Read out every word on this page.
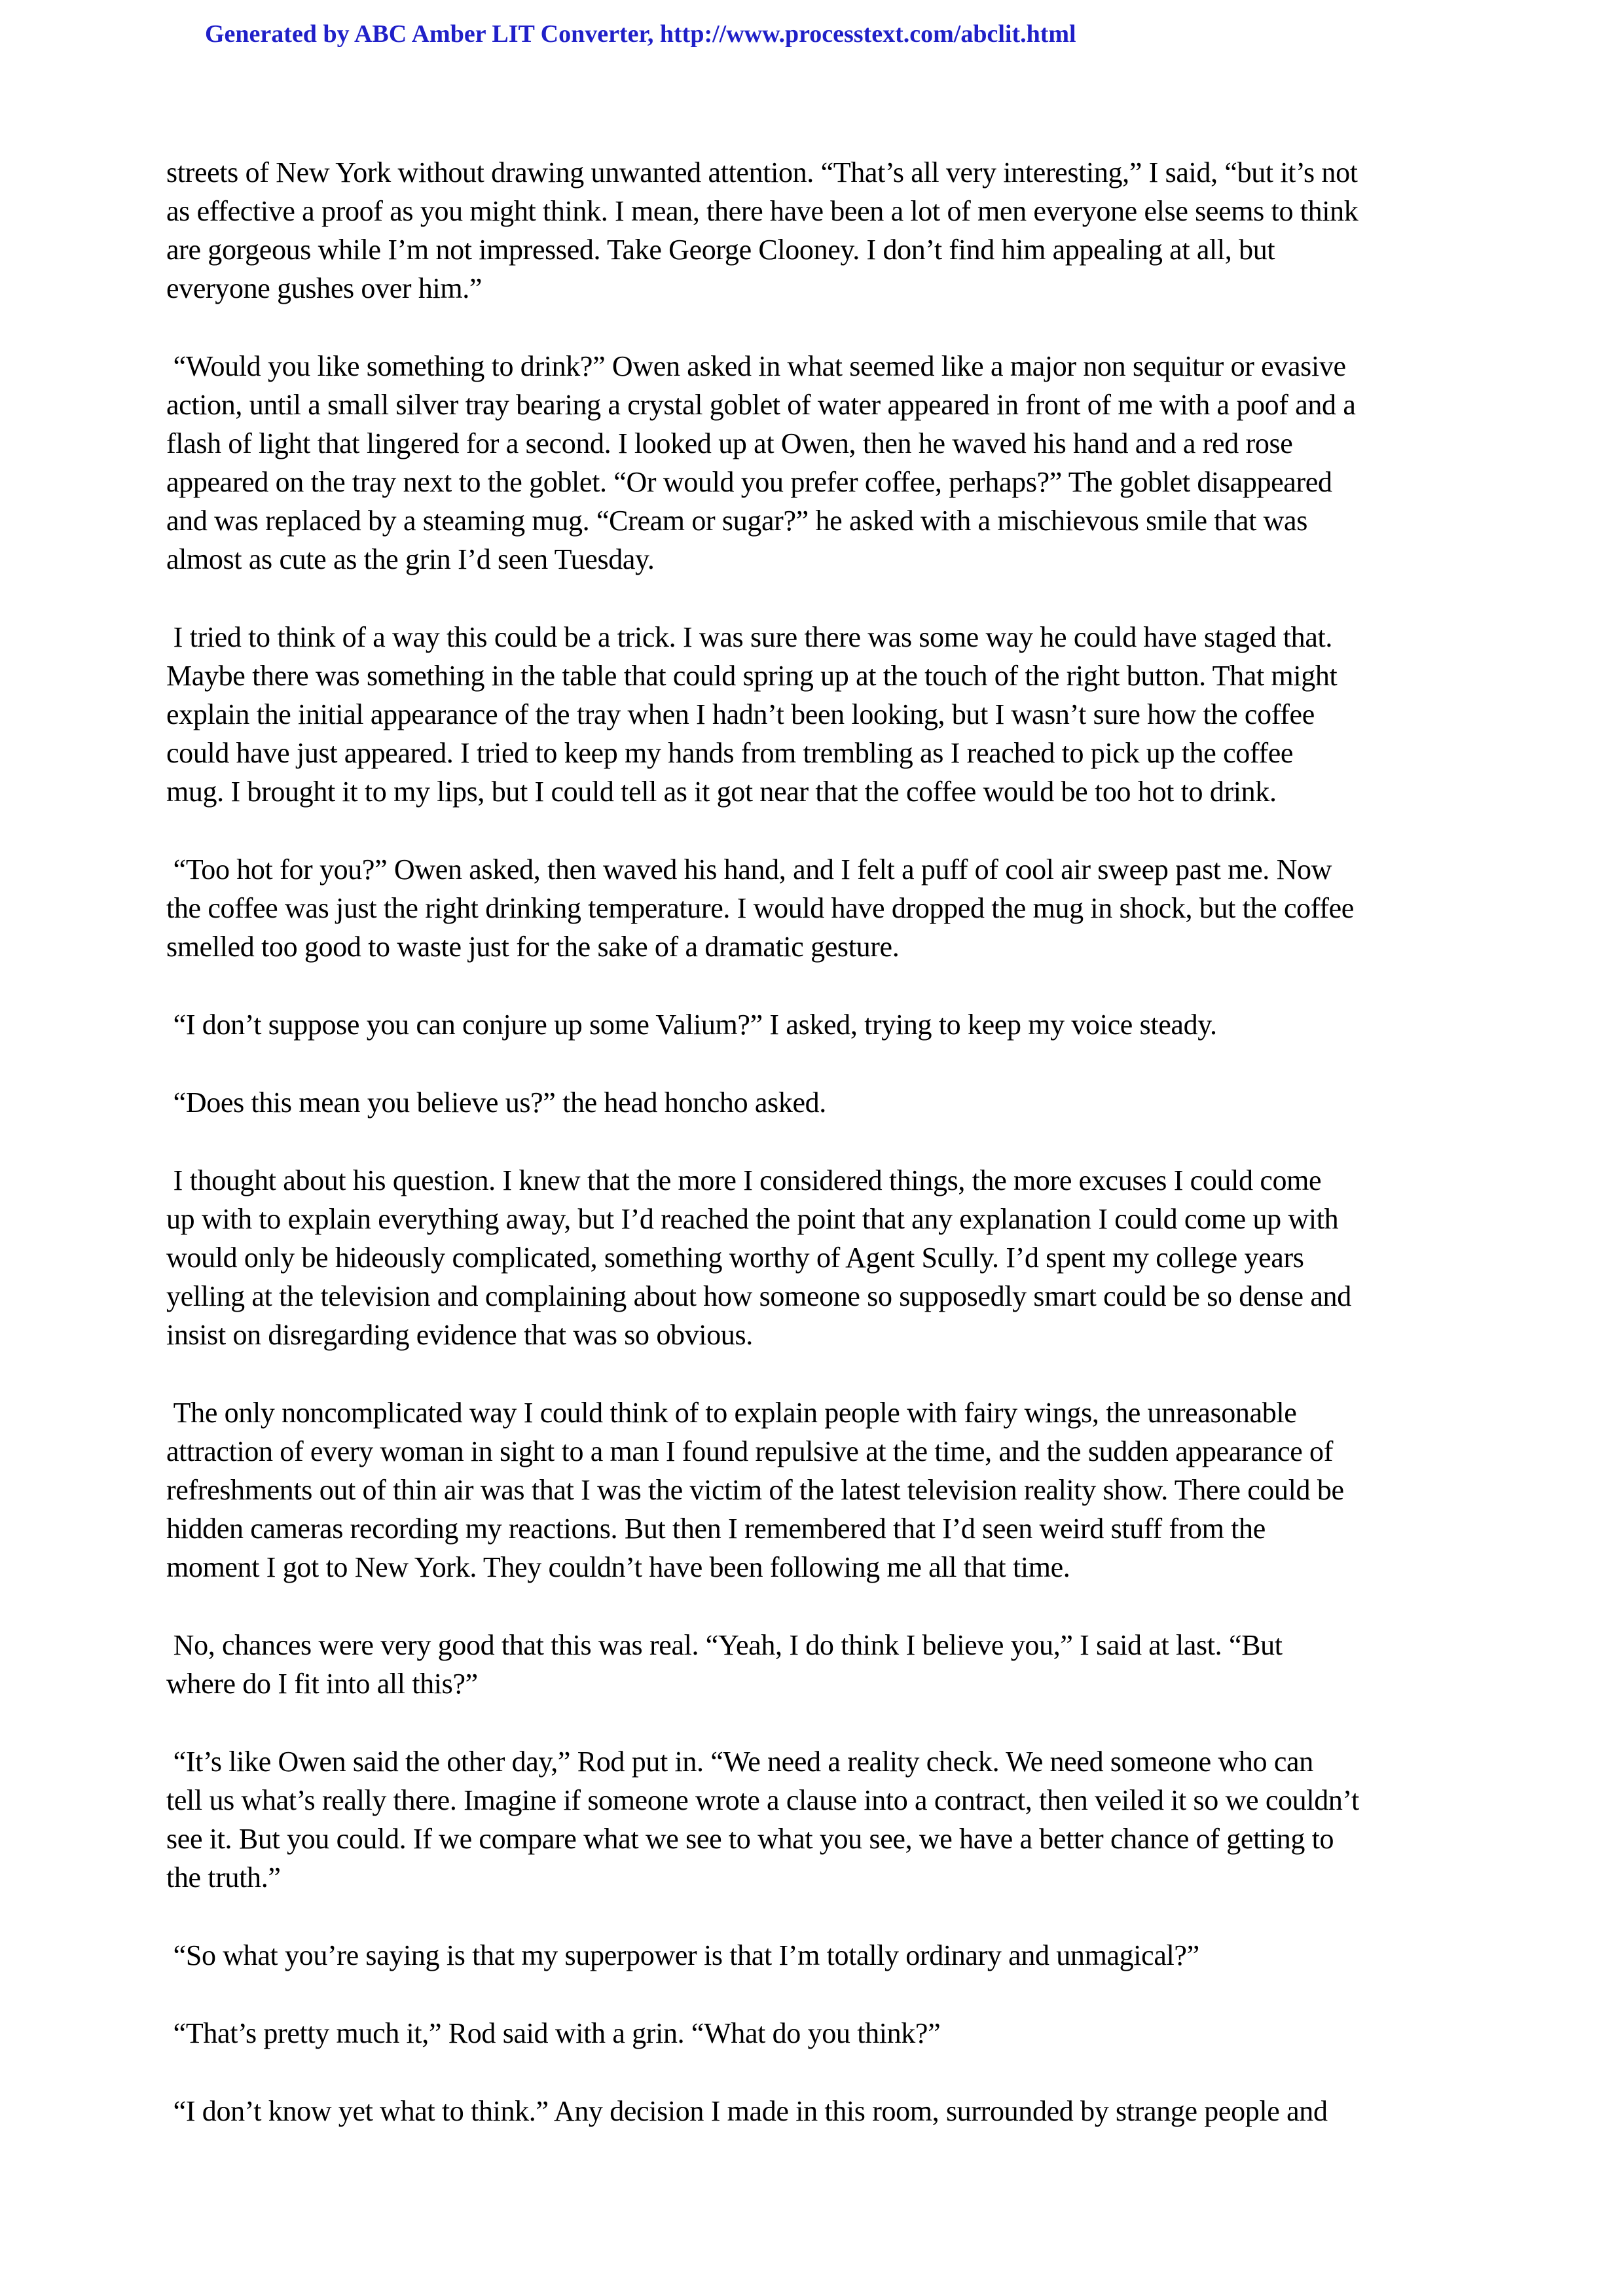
Generated by ABC Amber LIT Converter, http://www.processtext.com/abclit.html

streets of New York without drawing unwanted attention. “That’s all very interesting,” I said, “but it’s not
as effective a proof as you might think. I mean, there have been a lot of men everyone else seems to think
are gorgeous while I’m not impressed. Take George Clooney. I don’t find him appealing at all, but
everyone gushes over him.”

“Would you like something to drink?” Owen asked in what seemed like a major non sequitur or evasive
action, until a small silver tray bearing a crystal goblet of water appeared in front of me with a poof and a
flash of light that lingered for a second. I looked up at Owen, then he waved his hand and a red rose
appeared on the tray next to the goblet. “Or would you prefer coffee, perhaps?” The goblet disappeared
and was replaced by a steaming mug. “Cream or sugar?” he asked with a mischievous smile that was
almost as cute as the grin I’d seen Tuesday.

I tried to think of a way this could be a trick. I was sure there was some way he could have staged that.
Maybe there was something in the table that could spring up at the touch of the right button. That might
explain the initial appearance of the tray when I hadn’t been looking, but I wasn’t sure how the coffee
could have just appeared. I tried to keep my hands from trembling as I reached to pick up the coffee
mug. I brought it to my lips, but I could tell as it got near that the coffee would be too hot to drink.

“Too hot for you?” Owen asked, then waved his hand, and I felt a puff of cool air sweep past me. Now
the coffee was just the right drinking temperature. I would have dropped the mug in shock, but the coffee
smelled too good to waste just for the sake of a dramatic gesture.

“I don’t suppose you can conjure up some Valium?” I asked, trying to keep my voice steady.

“Does this mean you believe us?” the head honcho asked.

I thought about his question. I knew that the more I considered things, the more excuses I could come
up with to explain everything away, but I’d reached the point that any explanation I could come up with
would only be hideously complicated, something worthy of Agent Scully. I’d spent my college years
yelling at the television and complaining about how someone so supposedly smart could be so dense and
insist on disregarding evidence that was so obvious.

The only noncomplicated way I could think of to explain people with fairy wings, the unreasonable
attraction of every woman in sight to a man I found repulsive at the time, and the sudden appearance of
refreshments out of thin air was that I was the victim of the latest television reality show. There could be
hidden cameras recording my reactions. But then I remembered that I’d seen weird stuff from the
moment I got to New York. They couldn’t have been following me all that time.

No, chances were very good that this was real. “Yeah, I do think I believe you,” I said at last. “But
where do I fit into all this?”

“It’s like Owen said the other day,” Rod put in. “We need a reality check. We need someone who can
tell us what’s really there. Imagine if someone wrote a clause into a contract, then veiled it so we couldn’t
see it. But you could. If we compare what we see to what you see, we have a better chance of getting to
the truth.”

“So what you’re saying is that my superpower is that I’m totally ordinary and unmagical?”

“That’s pretty much it,” Rod said with a grin. “What do you think?”

“I don’t know yet what to think.” Any decision I made in this room, surrounded by strange people and
